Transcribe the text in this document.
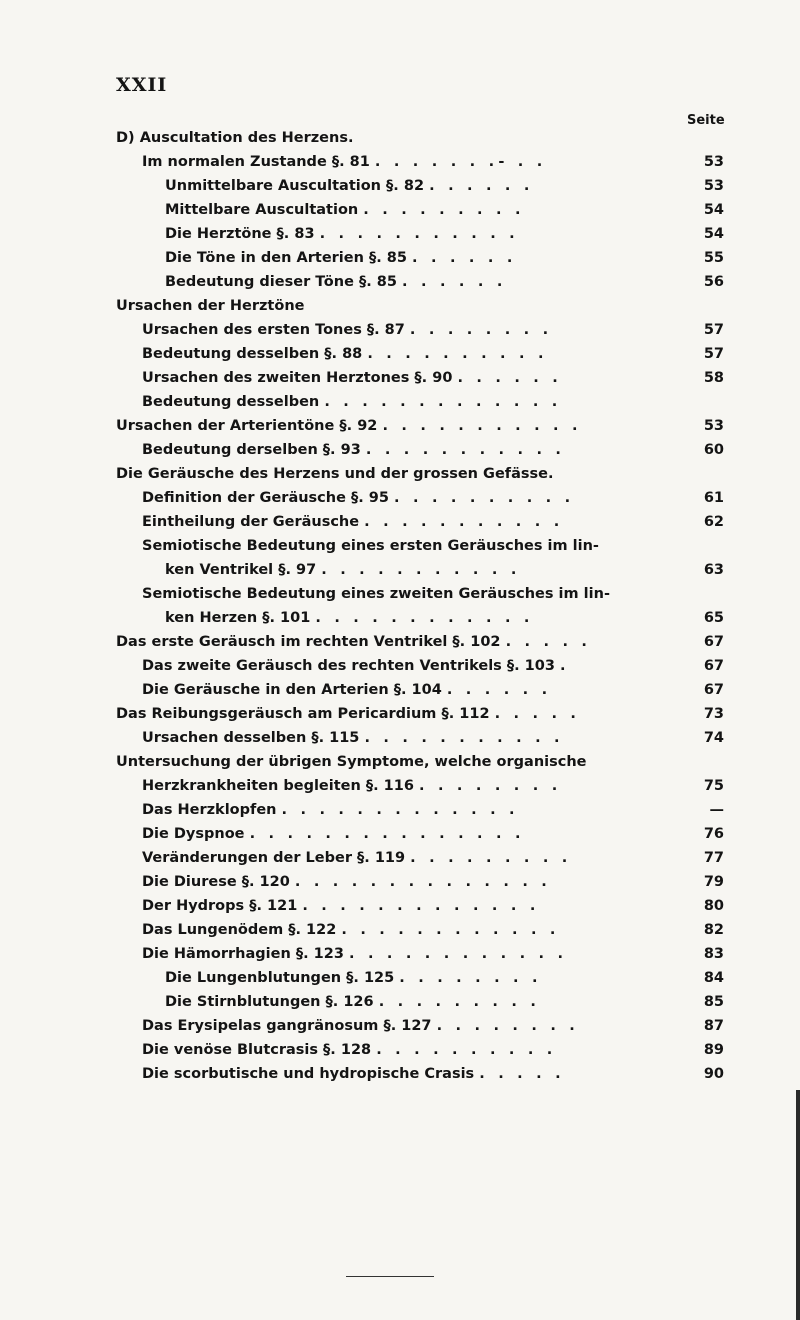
XXII
Seite
D) Auscultation des Herzens.
Im normalen Zustande §. 81 . . . . . . .- . .	53
Unmittelbare Auscultation §. 82 . . . . . .	53
Mittelbare Auscultation . . . . . . . . .	54
Die Herztöne §. 83 . . . . . . . . . . .	54
Die Töne in den Arterien §. 85 . . . . . .	55
Bedeutung dieser Töne §. 85 . . . . . .	56
Ursachen der Herztöne
Ursachen des ersten Tones §. 87 . . . . . . . .	57
Bedeutung desselben §. 88 . . . . . . . . . .	57
Ursachen des zweiten Herztones §. 90 . . . . . .	58
Bedeutung desselben . . . . . . . . . . . . .
Ursachen der Arterientöne §. 92 . . . . . . . . . . .	53
Bedeutung derselben §. 93 . . . . . . . . . . .	60
Die Geräusche des Herzens und der grossen Gefässe.
Definition der Geräusche §. 95 . . . . . . . . . .	61
Eintheilung der Geräusche . . . . . . . . . . .	62
Semiotische Bedeutung eines ersten Geräusches im lin-
ken Ventrikel §. 97 . . . . . . . . . . .	63
Semiotische Bedeutung eines zweiten Geräusches im lin-
ken Herzen §. 101 . . . . . . . . . . . .	65
Das erste Geräusch im rechten Ventrikel §. 102 . . . . .	67
Das zweite Geräusch des rechten Ventrikels §. 103 .	67
Die Geräusche in den Arterien §. 104 . . . . . .	67
Das Reibungsgeräusch am Pericardium §. 112 . . . . .	73
Ursachen desselben §. 115 . . . . . . . . . . .	74
Untersuchung der übrigen Symptome, welche organische
Herzkrankheiten begleiten §. 116 . . . . . . . .	75
Das Herzklopfen . . . . . . . . . . . . .	—
Die Dyspnoe . . . . . . . . . . . . . . .	76
Veränderungen der Leber §. 119 . . . . . . . . .	77
Die Diurese §. 120 . . . . . . . . . . . . . .	79
Der Hydrops §. 121 . . . . . . . . . . . . .	80
Das Lungenödem §. 122 . . . . . . . . . . . .	82
Die Hämorrhagien §. 123 . . . . . . . . . . . .	83
Die Lungenblutungen §. 125 . . . . . . . .	84
Die Stirnblutungen §. 126 . . . . . . . . .	85
Das Erysipelas gangränosum §. 127 . . . . . . . .	87
Die venöse Blutcrasis §. 128 . . . . . . . . . .	89
Die scorbutische und hydropische Crasis . . . . .	90
